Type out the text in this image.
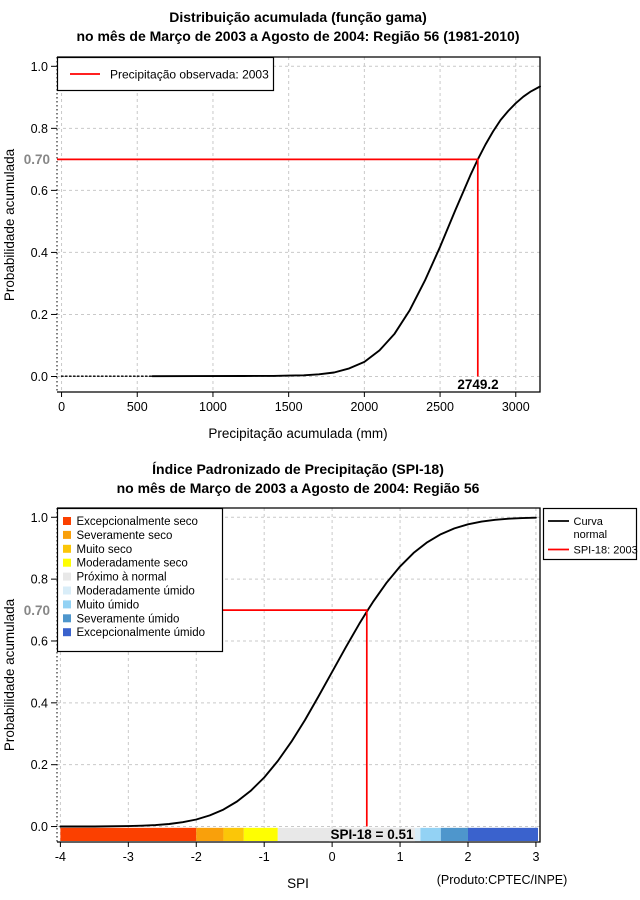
Distribuição acumulada (função gama)
no mês de Março de 2003 a Agosto de 2004: Região 56 (1981-2010)
0	500	1000	1500	2000	2500	3000
0.0
0.2
0.4
0.6
0.8
1.0
Precipitação observada: 2003
0.70
2749.2
Precipitação acumulada (mm)
Probabilidade acumulada
Índice Padronizado de Precipitação (SPI-18)
no mês de Março de 2003 a Agosto de 2004: Região 56
-4	-3	-2	-1	0	1	2	3
0.0
0.2
0.4
0.6
0.8
1.0 Excepcionalmente seco
Severamente seco
Muito seco
Moderadamente seco
Próximo à normal
Moderadamente úmido
Muito úmido
Severamente úmido
Excepcionalmente úmido
Curva
normal
SPI-18: 2003
0.70
SPI-18 = 0.51
SPI	(Produto:CPTEC/INPE)
Probabilidade acumulada
